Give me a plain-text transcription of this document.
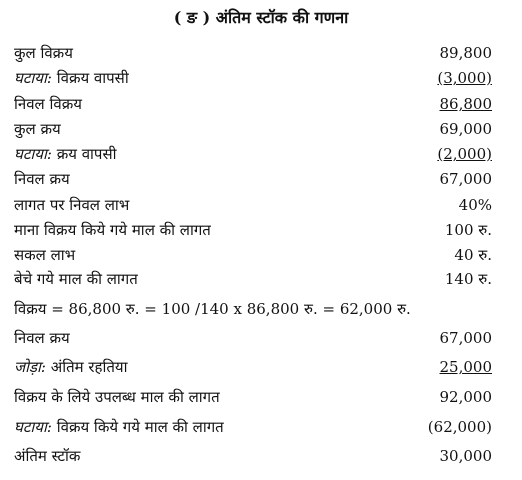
( ङ ) अंतिम स्टॉक की गणना
कुल विक्रय	89,800
घटाया: विक्रय वापसी	(3,000)
निवल विक्रय	86,800
कुल क्रय	69,000
घटाया: क्रय वापसी	(2,000)
निवल क्रय	67,000
लागत पर निवल लाभ	40%
माना विक्रय किये गये माल की लागत	100 रु.
सकल लाभ	40 रु.
बेचे गये माल की लागत	140 रु.
विक्रय = 86,800 रु. = 100 /140 x 86,800 रु. = 62,000 रु.
निवल क्रय	67,000
जोड़ा: अंतिम रहतिया	25,000
विक्रय के लिये उपलब्ध माल की लागत	92,000
घटाया: विक्रय किये गये माल की लागत	(62,000)
अंतिम स्टॉक	30,000
